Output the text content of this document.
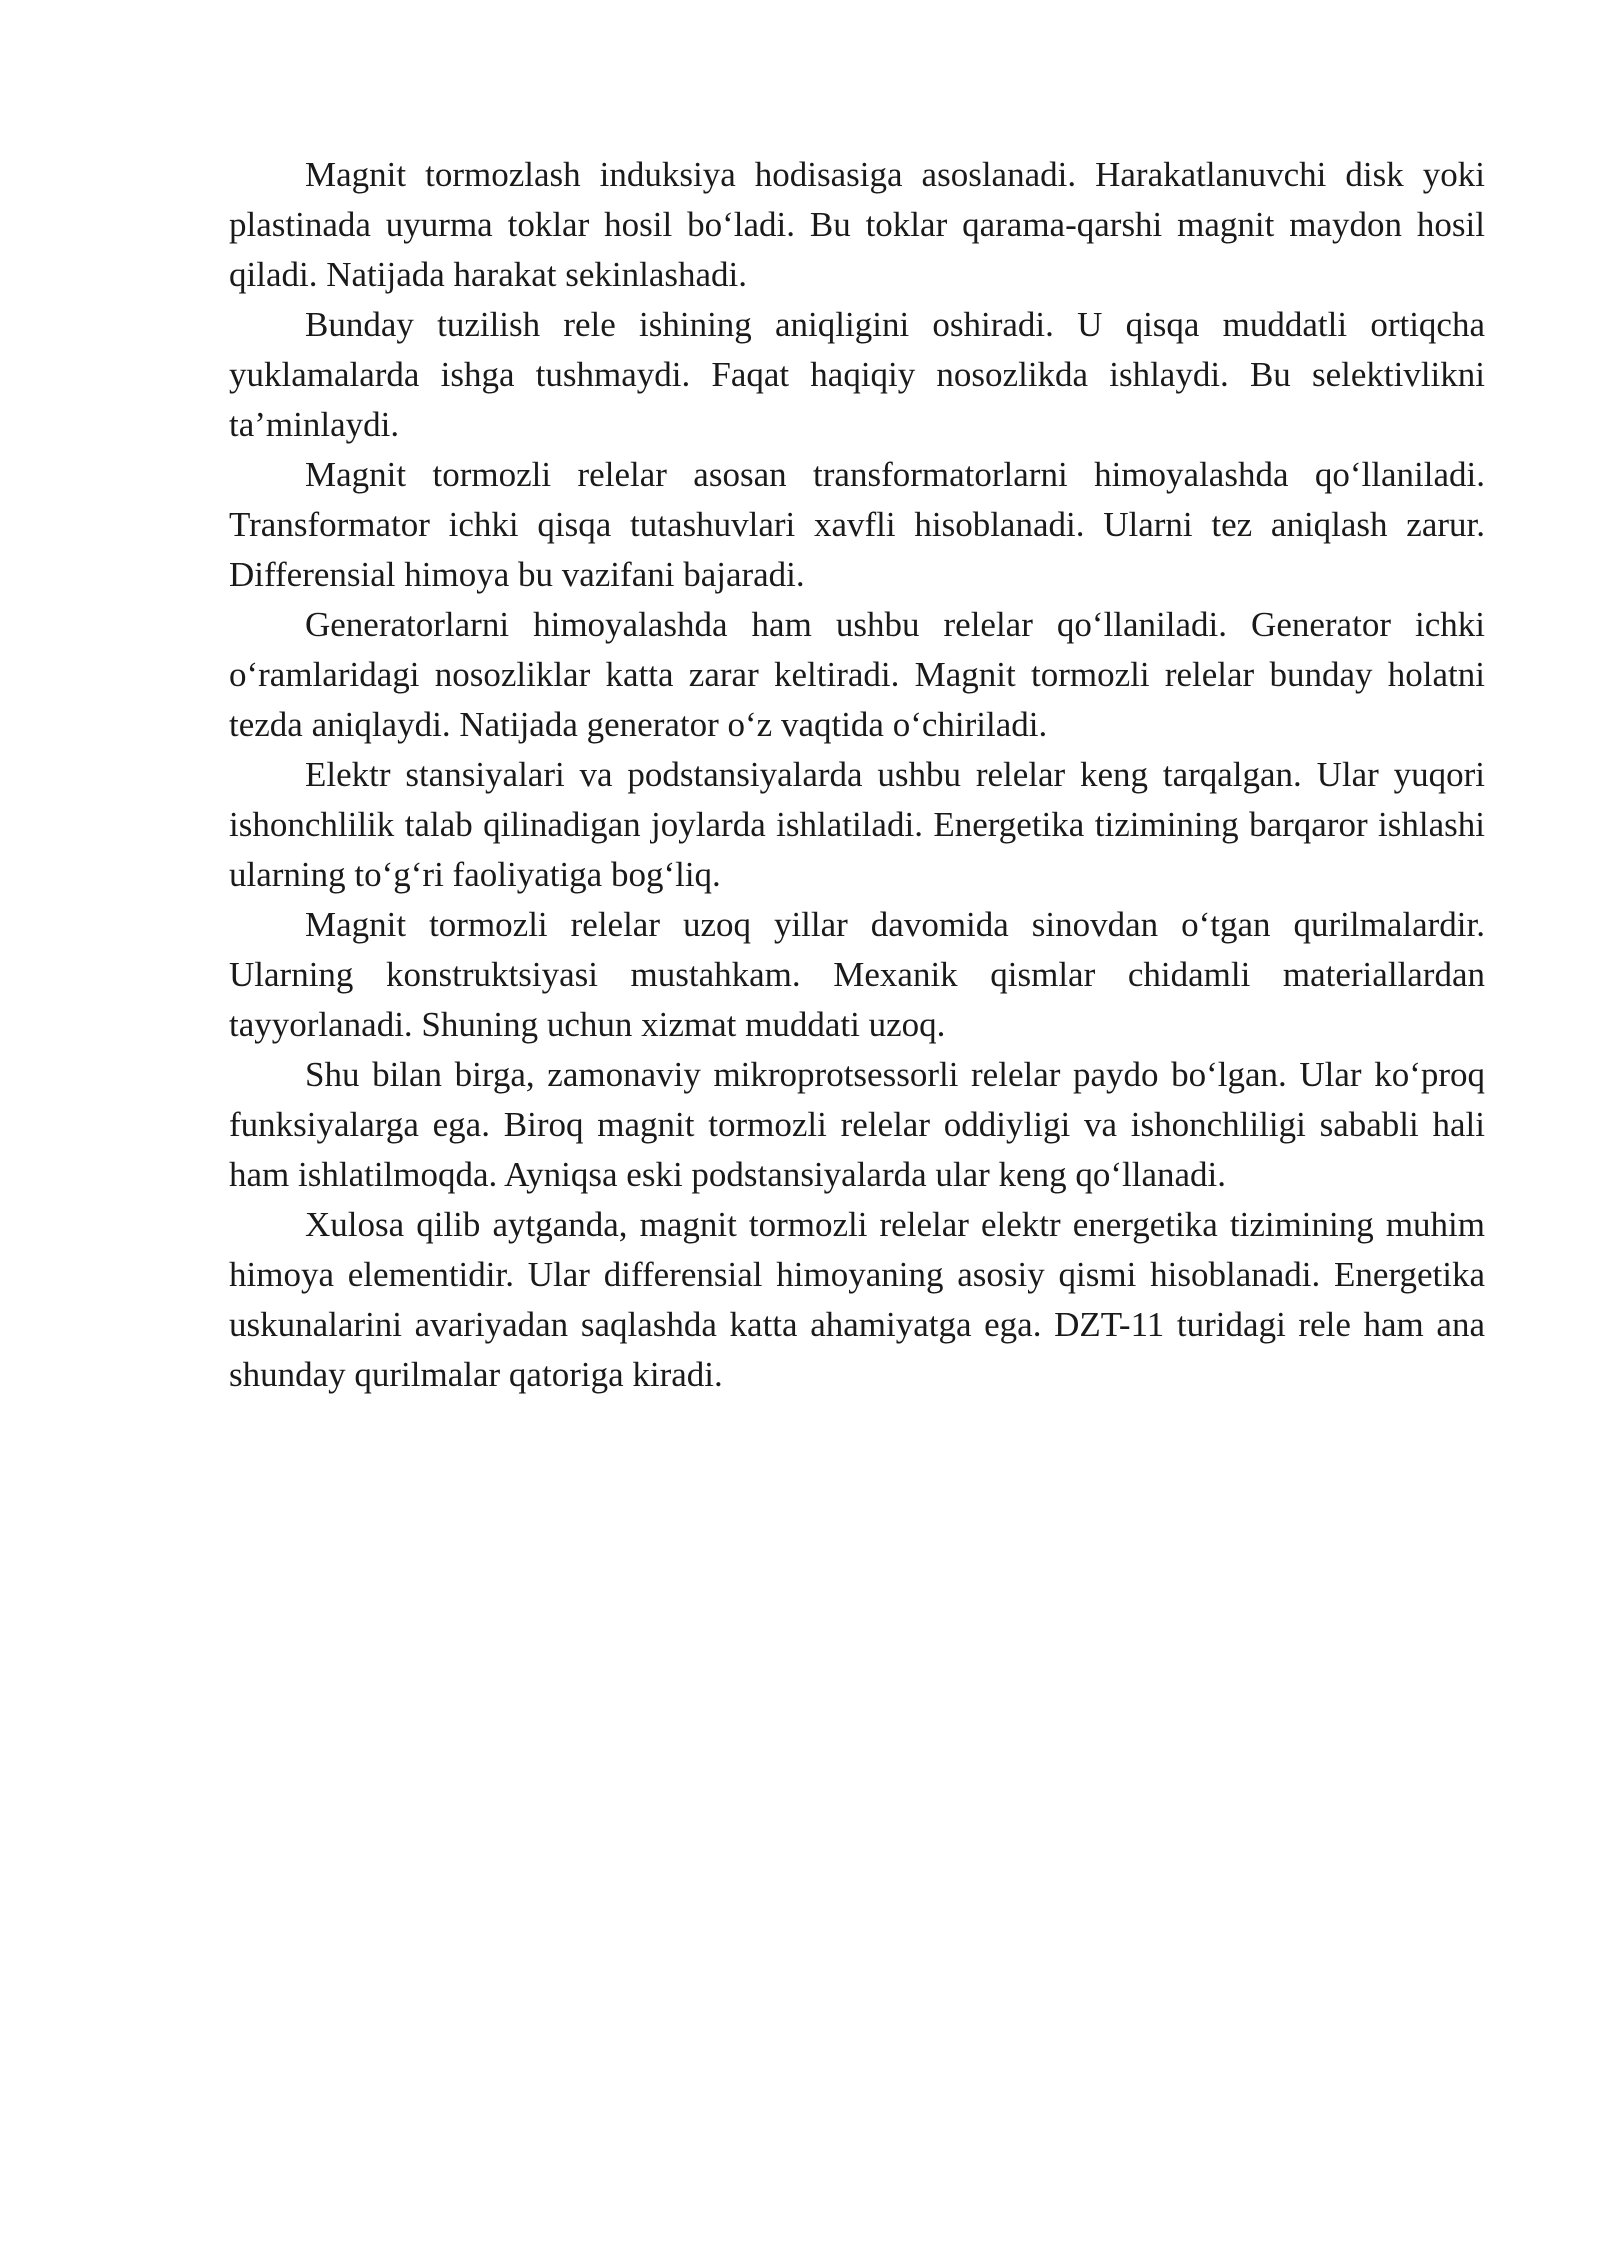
Magnit tormozlash induksiya hodisasiga asoslanadi. Harakatlanuvchi disk yoki plastinada uyurma toklar hosil bo‘ladi. Bu toklar qarama-qarshi magnit maydon hosil qiladi. Natijada harakat sekinlashadi.

Bunday tuzilish rele ishining aniqligini oshiradi. U qisqa muddatli ortiqcha yuklamalarda ishga tushmaydi. Faqat haqiqiy nosozlikda ishlaydi. Bu selektivlikni ta’minlaydi.

Magnit tormozli relelar asosan transformatorlarni himoyalashda qo‘llaniladi. Transformator ichki qisqa tutashuvlari xavfli hisoblanadi. Ularni tez aniqlash zarur. Differensial himoya bu vazifani bajaradi.

Generatorlarni himoyalashda ham ushbu relelar qo‘llaniladi. Generator ichki o‘ramlaridagi nosozliklar katta zarar keltiradi. Magnit tormozli relelar bunday holatni tezda aniqlaydi. Natijada generator o‘z vaqtida o‘chiriladi.

Elektr stansiyalari va podstansiyalarda ushbu relelar keng tarqalgan. Ular yuqori ishonchlilik talab qilinadigan joylarda ishlatiladi. Energetika tizimining barqaror ishlashi ularning to‘g‘ri faoliyatiga bog‘liq.

Magnit tormozli relelar uzoq yillar davomida sinovdan o‘tgan qurilmalardir. Ularning konstruktsiyasi mustahkam. Mexanik qismlar chidamli materiallardan tayyorlanadi. Shuning uchun xizmat muddati uzoq.

Shu bilan birga, zamonaviy mikroprotsessorli relelar paydo bo‘lgan. Ular ko‘proq funksiyalarga ega. Biroq magnit tormozli relelar oddiyligi va ishonchliligi sababli hali ham ishlatilmoqda. Ayniqsa eski podstansiyalarda ular keng qo‘llanadi.

Xulosa qilib aytganda, magnit tormozli relelar elektr energetika tizimining muhim himoya elementidir. Ular differensial himoyaning asosiy qismi hisoblanadi. Energetika uskunalarini avariyadan saqlashda katta ahamiyatga ega. DZT-11 turidagi rele ham ana shunday qurilmalar qatoriga kiradi.
